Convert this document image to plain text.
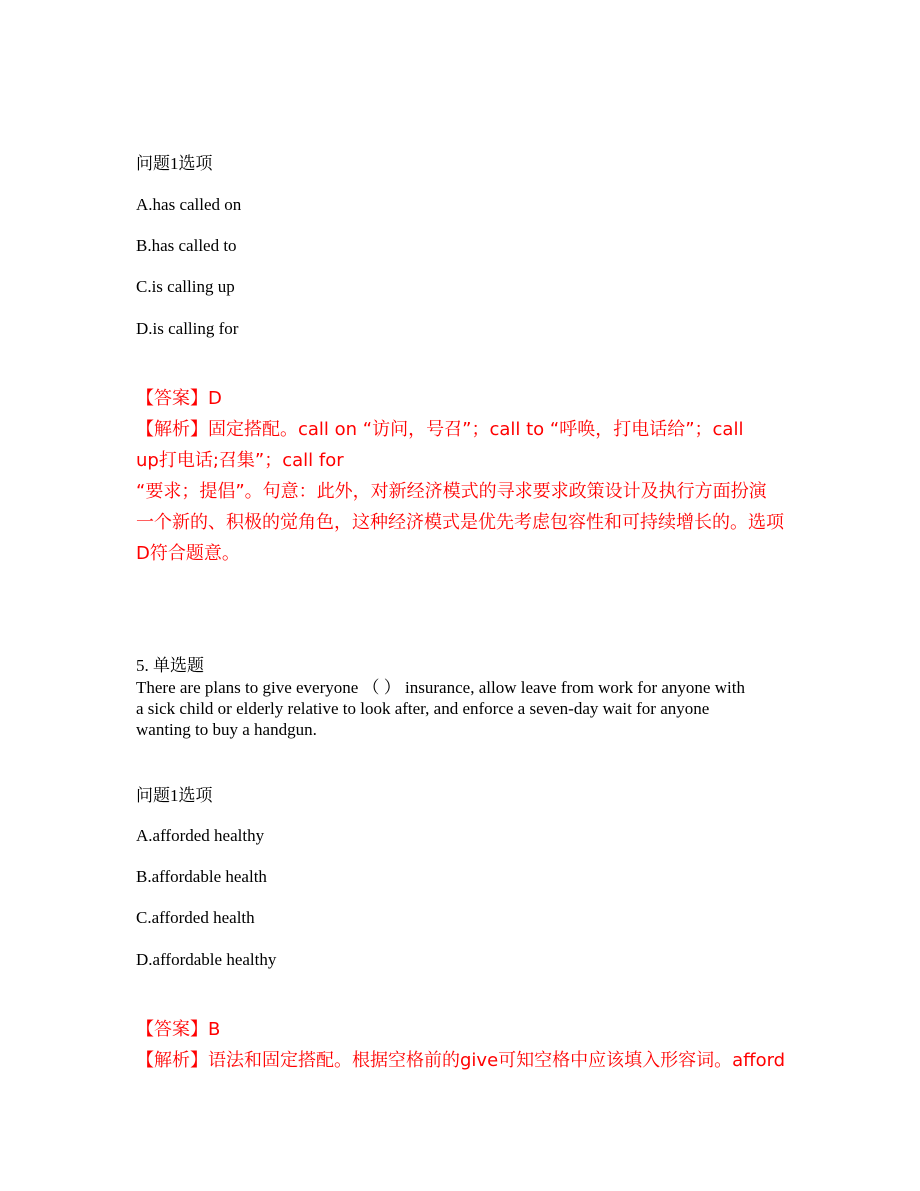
问题1选项
A.has called on
B.has called to
C.is calling up
D.is calling for
【答案】D
【解析】固定搭配。call on “访问，号召”；call to “呼唤，打电话给”；call
up打电话;召集”；call for
“要求；提倡”。句意：此外，对新经济模式的寻求要求政策设计及执行方面扮演
一个新的、积极的觉角色，这种经济模式是优先考虑包容性和可持续增长的。选项
D符合题意。
5. 单选题
There are plans to give everyone （ ） insurance, allow leave from work for anyone with
a sick child or elderly relative to look after, and enforce a seven-day wait for anyone
wanting to buy a handgun.
问题1选项
A.afforded healthy
B.affordable health
C.afforded health
D.affordable healthy
【答案】B
【解析】语法和固定搭配。根据空格前的give可知空格中应该填入形容词。afford
